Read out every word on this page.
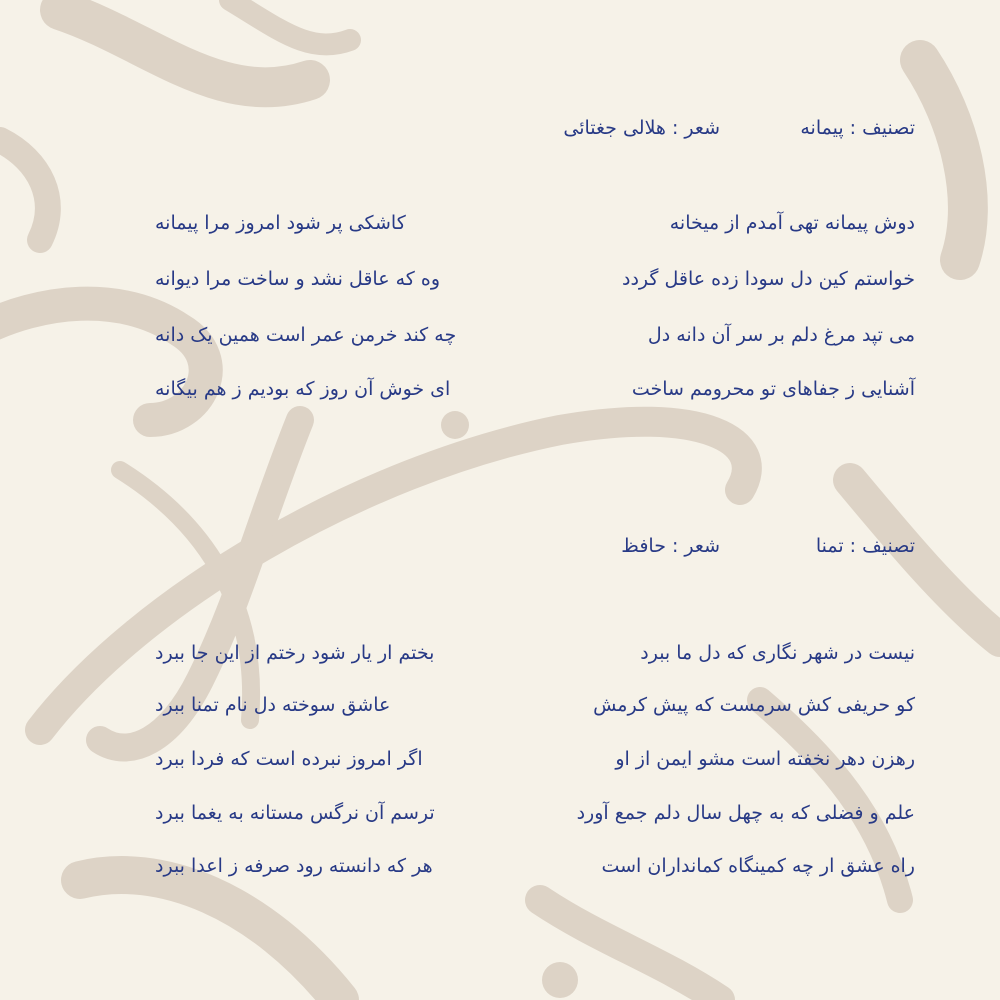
تصنیف : پیمانه
شعر : هلالی جغتائی
دوش پیمانه تهی آمدم از میخانه
کاشکی پر شود امروز مرا پیمانه
خواستم کین دل سودا زده عاقل گردد
وه که عاقل نشد و ساخت مرا دیوانه
می تپد مرغ دلم بر سر آن دانه دل
چه کند خرمن عمر است همین یک دانه
آشنایی ز جفاهای تو محرومم ساخت
ای خوش آن روز که بودیم ز هم بیگانه
تصنیف : تمنا
شعر : حافظ
نیست در شهر نگاری که دل ما ببرد
بختم ار یار شود رختم از این جا ببرد
کو حریفی کش سرمست که پیش کرمش
عاشق سوخته دل نام تمنا ببرد
رهزن دهر نخفته است مشو ایمن از او
اگر امروز نبرده است که فردا ببرد
علم و فضلی که به چهل سال دلم جمع آورد
ترسم آن نرگس مستانه به یغما ببرد
راه عشق ار چه کمینگاه کمانداران است
هر که دانسته رود صرفه ز اعدا ببرد
